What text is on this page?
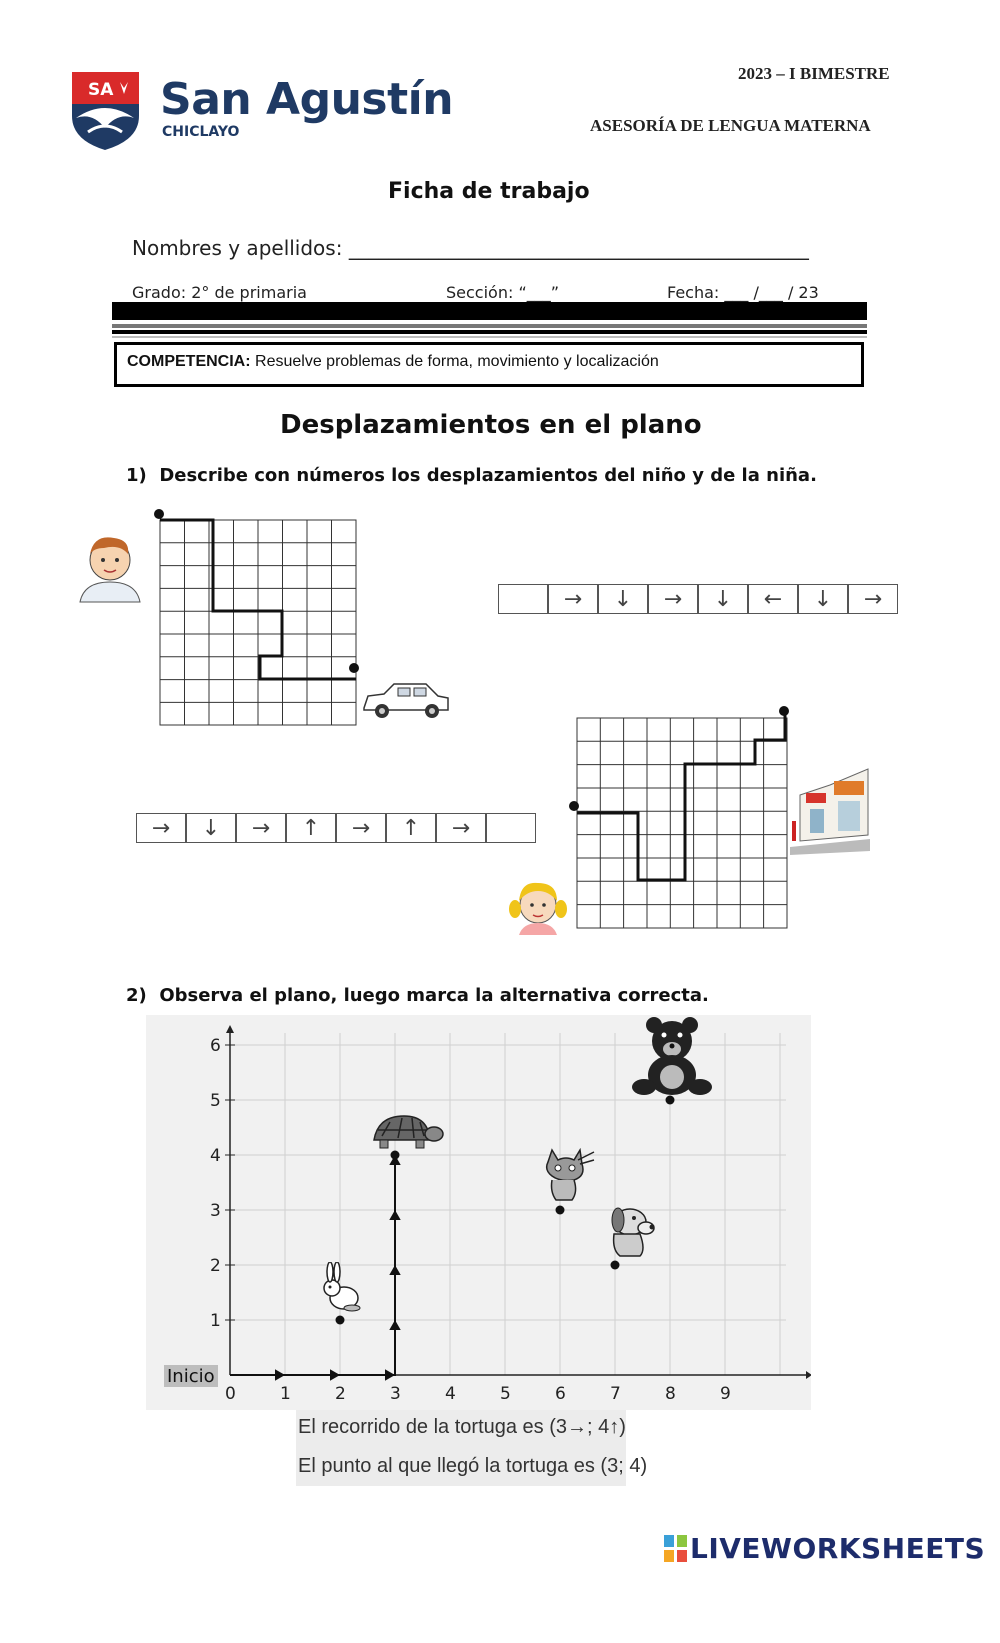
SA San Agustín
CHICLAYO
2023 – I BIMESTRE
ASESORÍA DE LENGUA MATERNA
Ficha de trabajo
Nombres y apellidos: ______________________________________________
Grado: 2° de primaria	Sección: “___”	Fecha: ___ /___ / 23
COMPETENCIA: Resuelve problemas de forma, movimiento y localización
Desplazamientos en el plano
1) Describe con números los desplazamientos del niño y de la niña.
→	↓	→	↓	←	↓	→
→	↓	→	↑	→	↑	→
2) Observa el plano, luego marca la alternativa correcta.
0	1	2	3	4	5	6	7	8	9
1
2
3
4
5
6
Inicio
El recorrido de la tortuga es (3→; 4↑)
El punto al que llegó la tortuga es (3; 4)
LIVEWORKSHEETS
